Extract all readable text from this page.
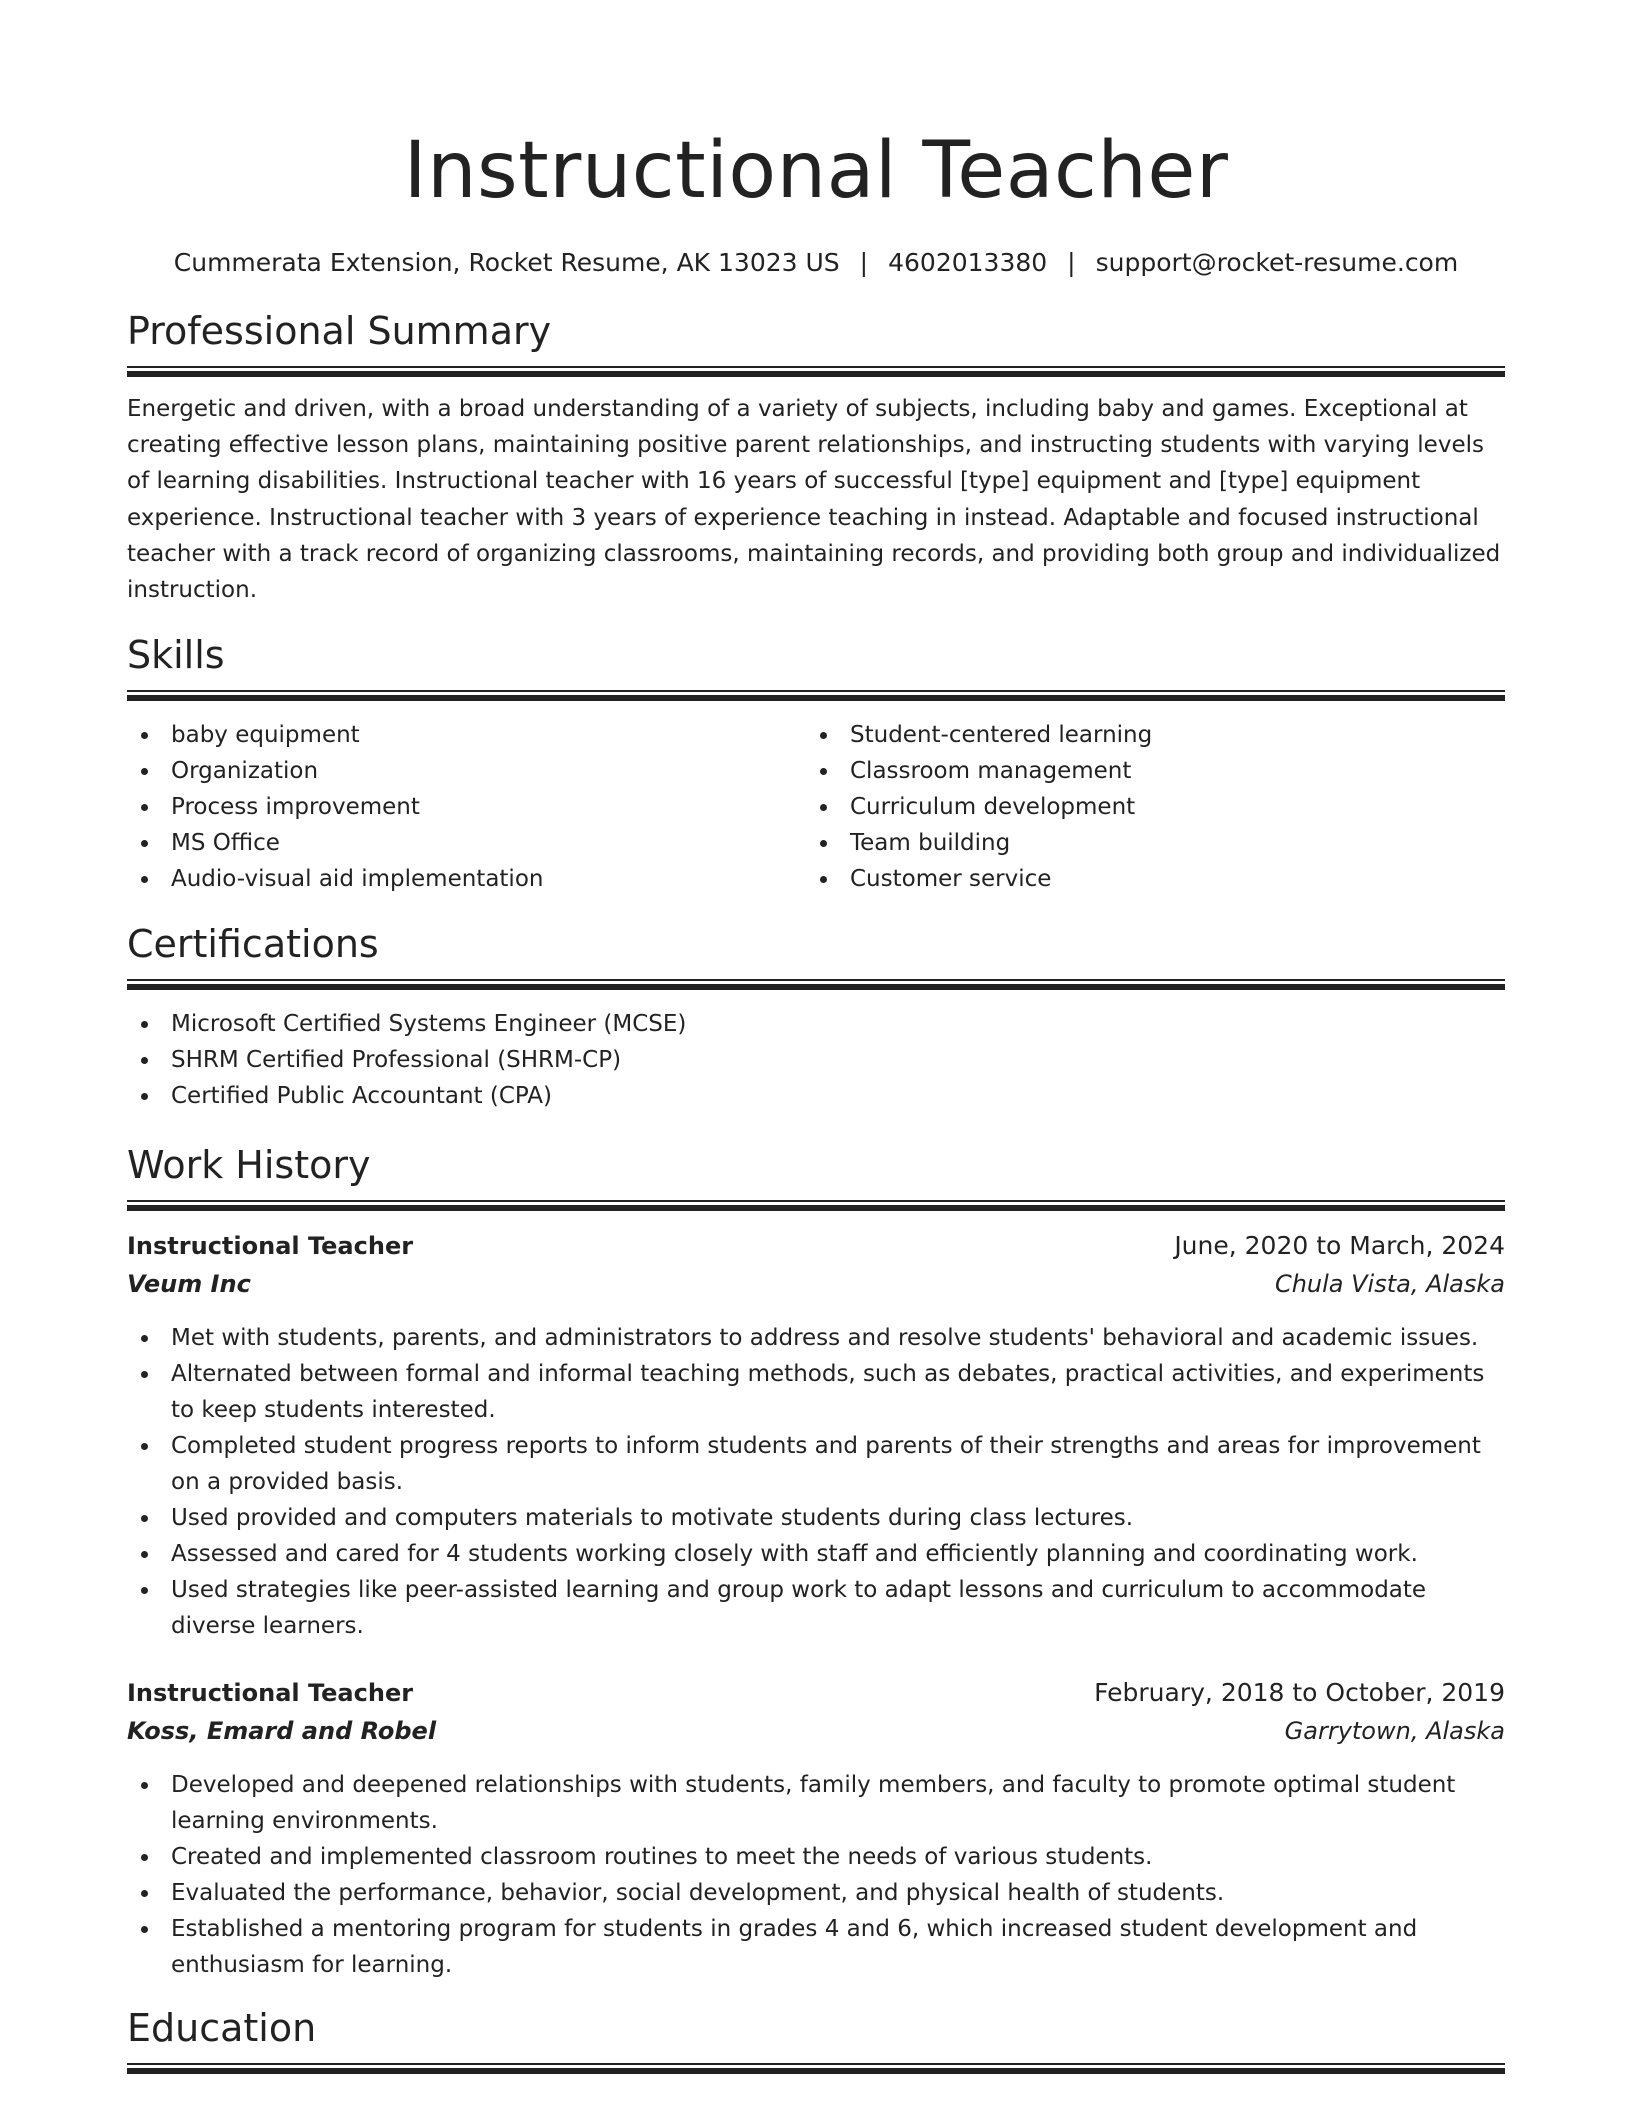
Instructional Teacher
Cummerata Extension, Rocket Resume, AK 13023 US | 4602013380 | support@rocket-resume.com
Professional Summary
Energetic and driven, with a broad understanding of a variety of subjects, including baby and games. Exceptional at creating effective lesson plans, maintaining positive parent relationships, and instructing students with varying levels of learning disabilities. Instructional teacher with 16 years of successful [type] equipment and [type] equipment experience. Instructional teacher with 3 years of experience teaching in instead. Adaptable and focused instructional teacher with a track record of organizing classrooms, maintaining records, and providing both group and individualized instruction.
Skills
baby equipment
Organization
Process improvement
MS Office
Audio-visual aid implementation
Student-centered learning
Classroom management
Curriculum development
Team building
Customer service
Certifications
Microsoft Certified Systems Engineer (MCSE)
SHRM Certified Professional (SHRM-CP)
Certified Public Accountant (CPA)
Work History
Instructional Teacher	June, 2020 to March, 2024
Veum Inc	Chula Vista, Alaska
Met with students, parents, and administrators to address and resolve students' behavioral and academic issues.
Alternated between formal and informal teaching methods, such as debates, practical activities, and experiments to keep students interested.
Completed student progress reports to inform students and parents of their strengths and areas for improvement on a provided basis.
Used provided and computers materials to motivate students during class lectures.
Assessed and cared for 4 students working closely with staff and efficiently planning and coordinating work.
Used strategies like peer-assisted learning and group work to adapt lessons and curriculum to accommodate diverse learners.
Instructional Teacher	February, 2018 to October, 2019
Koss, Emard and Robel	Garrytown, Alaska
Developed and deepened relationships with students, family members, and faculty to promote optimal student learning environments.
Created and implemented classroom routines to meet the needs of various students.
Evaluated the performance, behavior, social development, and physical health of students.
Established a mentoring program for students in grades 4 and 6, which increased student development and enthusiasm for learning.
Education
